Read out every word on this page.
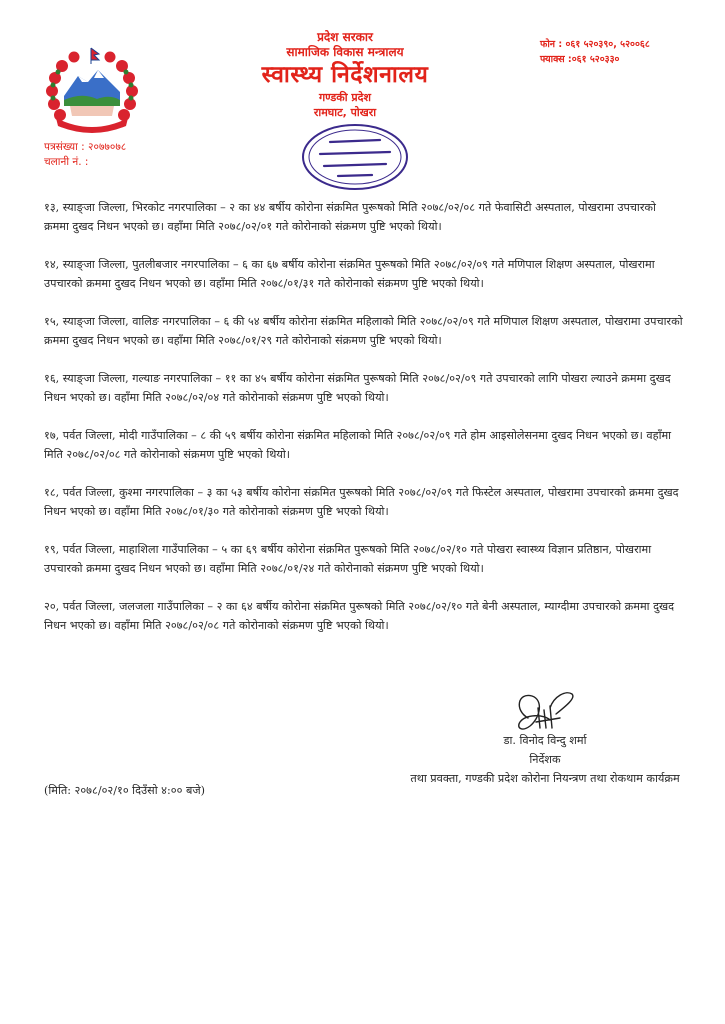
पत्रसंख्या : २०७७०७८
चलानी नं. :
प्रदेश सरकार
सामाजिक विकास मन्त्रालय
स्वास्थ्य निर्देशनालय
गण्डकी प्रदेश
रामघाट, पोखरा
फोन : ०६१ ५२०३९०, ५२००६८
फ्याक्स :०६१ ५२०३३०

१३, स्याङ्जा जिल्ला, भिरकोट नगरपालिका – २ का ४४ बर्षीय कोरोना संक्रमित पुरूषको मिति २०७८/०२/०८ गते फेवासिटी अस्पताल, पोखरामा उपचारको क्रममा दुखद निधन भएको छ। वहाँमा मिति २०७८/०२/०१ गते कोरोनाको संक्रमण पुष्टि भएको थियो।

१४, स्याङ्जा जिल्ला, पुतलीबजार नगरपालिका – ६ का ६७ बर्षीय कोरोना संक्रमित पुरूषको मिति २०७८/०२/०९ गते मणिपाल शिक्षण अस्पताल, पोखरामा उपचारको क्रममा दुखद निधन भएको छ। वहाँमा मिति २०७८/०१/३१ गते कोरोनाको संक्रमण पुष्टि भएको थियो।

१५, स्याङ्जा जिल्ला, वालिङ नगरपालिका – ६ की ५४ बर्षीय कोरोना संक्रमित महिलाको मिति २०७८/०२/०९ गते मणिपाल शिक्षण अस्पताल, पोखरामा उपचारको क्रममा दुखद निधन भएको छ। वहाँमा मिति २०७८/०१/२९ गते कोरोनाको संक्रमण पुष्टि भएको थियो।

१६, स्याङ्जा जिल्ला, गल्याङ नगरपालिका – ११ का ४५ बर्षीय कोरोना संक्रमित पुरूषको मिति २०७८/०२/०९ गते उपचारको लागि पोखरा ल्याउने क्रममा दुखद निधन भएको छ। वहाँमा मिति २०७८/०२/०४ गते कोरोनाको संक्रमण पुष्टि भएको थियो।

१७, पर्वत जिल्ला, मोदी गाउँपालिका – ८ की ५९ बर्षीय कोरोना संक्रमित महिलाको मिति २०७८/०२/०९ गते होम आइसोलेसनमा दुखद निधन भएको छ। वहाँमा मिति २०७८/०२/०८ गते कोरोनाको संक्रमण पुष्टि भएको थियो।

१८, पर्वत जिल्ला, कुश्मा नगरपालिका – ३ का ५३ बर्षीय कोरोना संक्रमित पुरूषको मिति २०७८/०२/०९ गते फिस्टेल अस्पताल, पोखरामा उपचारको क्रममा दुखद निधन भएको छ। वहाँमा मिति २०७८/०१/३० गते कोरोनाको संक्रमण पुष्टि भएको थियो।

१९, पर्वत जिल्ला, माहाशिला गाउँपालिका – ५ का ६९ बर्षीय कोरोना संक्रमित पुरूषको मिति २०७८/०२/१० गते पोखरा स्वास्थ्य विज्ञान प्रतिष्ठान, पोखरामा उपचारको क्रममा दुखद निधन भएको छ। वहाँमा मिति २०७८/०१/२४ गते कोरोनाको संक्रमण पुष्टि भएको थियो।

२०, पर्वत जिल्ला, जलजला गाउँपालिका – २ का ६४ बर्षीय कोरोना संक्रमित पुरूषको मिति २०७८/०२/१० गते बेनी अस्पताल, म्याग्दीमा उपचारको क्रममा दुखद निधन भएको छ। वहाँमा मिति २०७८/०२/०८ गते कोरोनाको संक्रमण पुष्टि भएको थियो।

डा. विनोद विन्दु शर्मा
निर्देशक
तथा प्रवक्ता, गण्डकी प्रदेश कोरोना नियन्त्रण तथा रोकथाम कार्यक्रम
(मिति: २०७८/०२/१० दिउँसो ४:०० बजे)
